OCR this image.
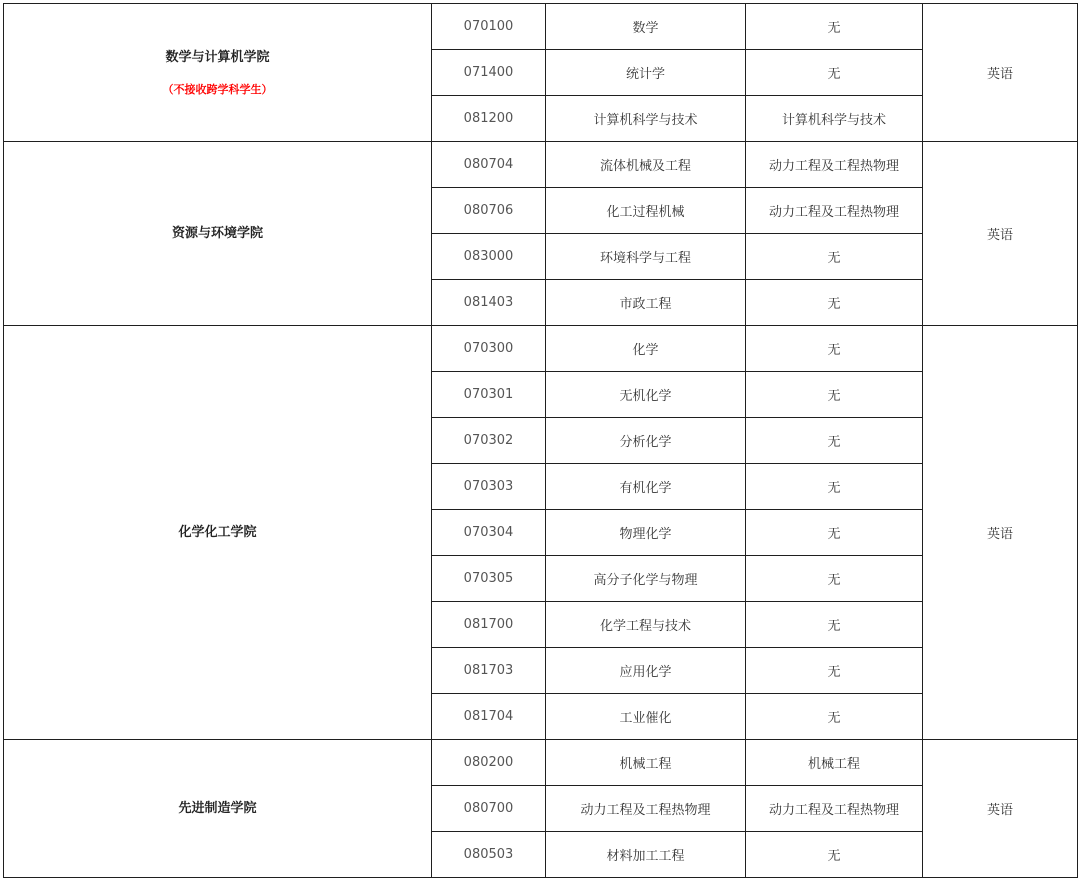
数学与计算机学院
（不接收跨学科学生）	070100	数学	无	英语
	071400	统计学	无	
	081200	计算机科学与技术	计算机科学与技术	

资源与环境学院	080704	流体机械及工程	动力工程及工程热物理	英语
	080706	化工过程机械	动力工程及工程热物理	
	083000	环境科学与工程	无	
	081403	市政工程	无	

化学化工学院	070300	化学	无	英语
	070301	无机化学	无	
	070302	分析化学	无	
	070303	有机化学	无	
	070304	物理化学	无	
	070305	高分子化学与物理	无	
	081700	化学工程与技术	无	
	081703	应用化学	无	
	081704	工业催化	无	

先进制造学院	080200	机械工程	机械工程	英语
	080700	动力工程及工程热物理	动力工程及工程热物理	
	080503	材料加工工程	无	
